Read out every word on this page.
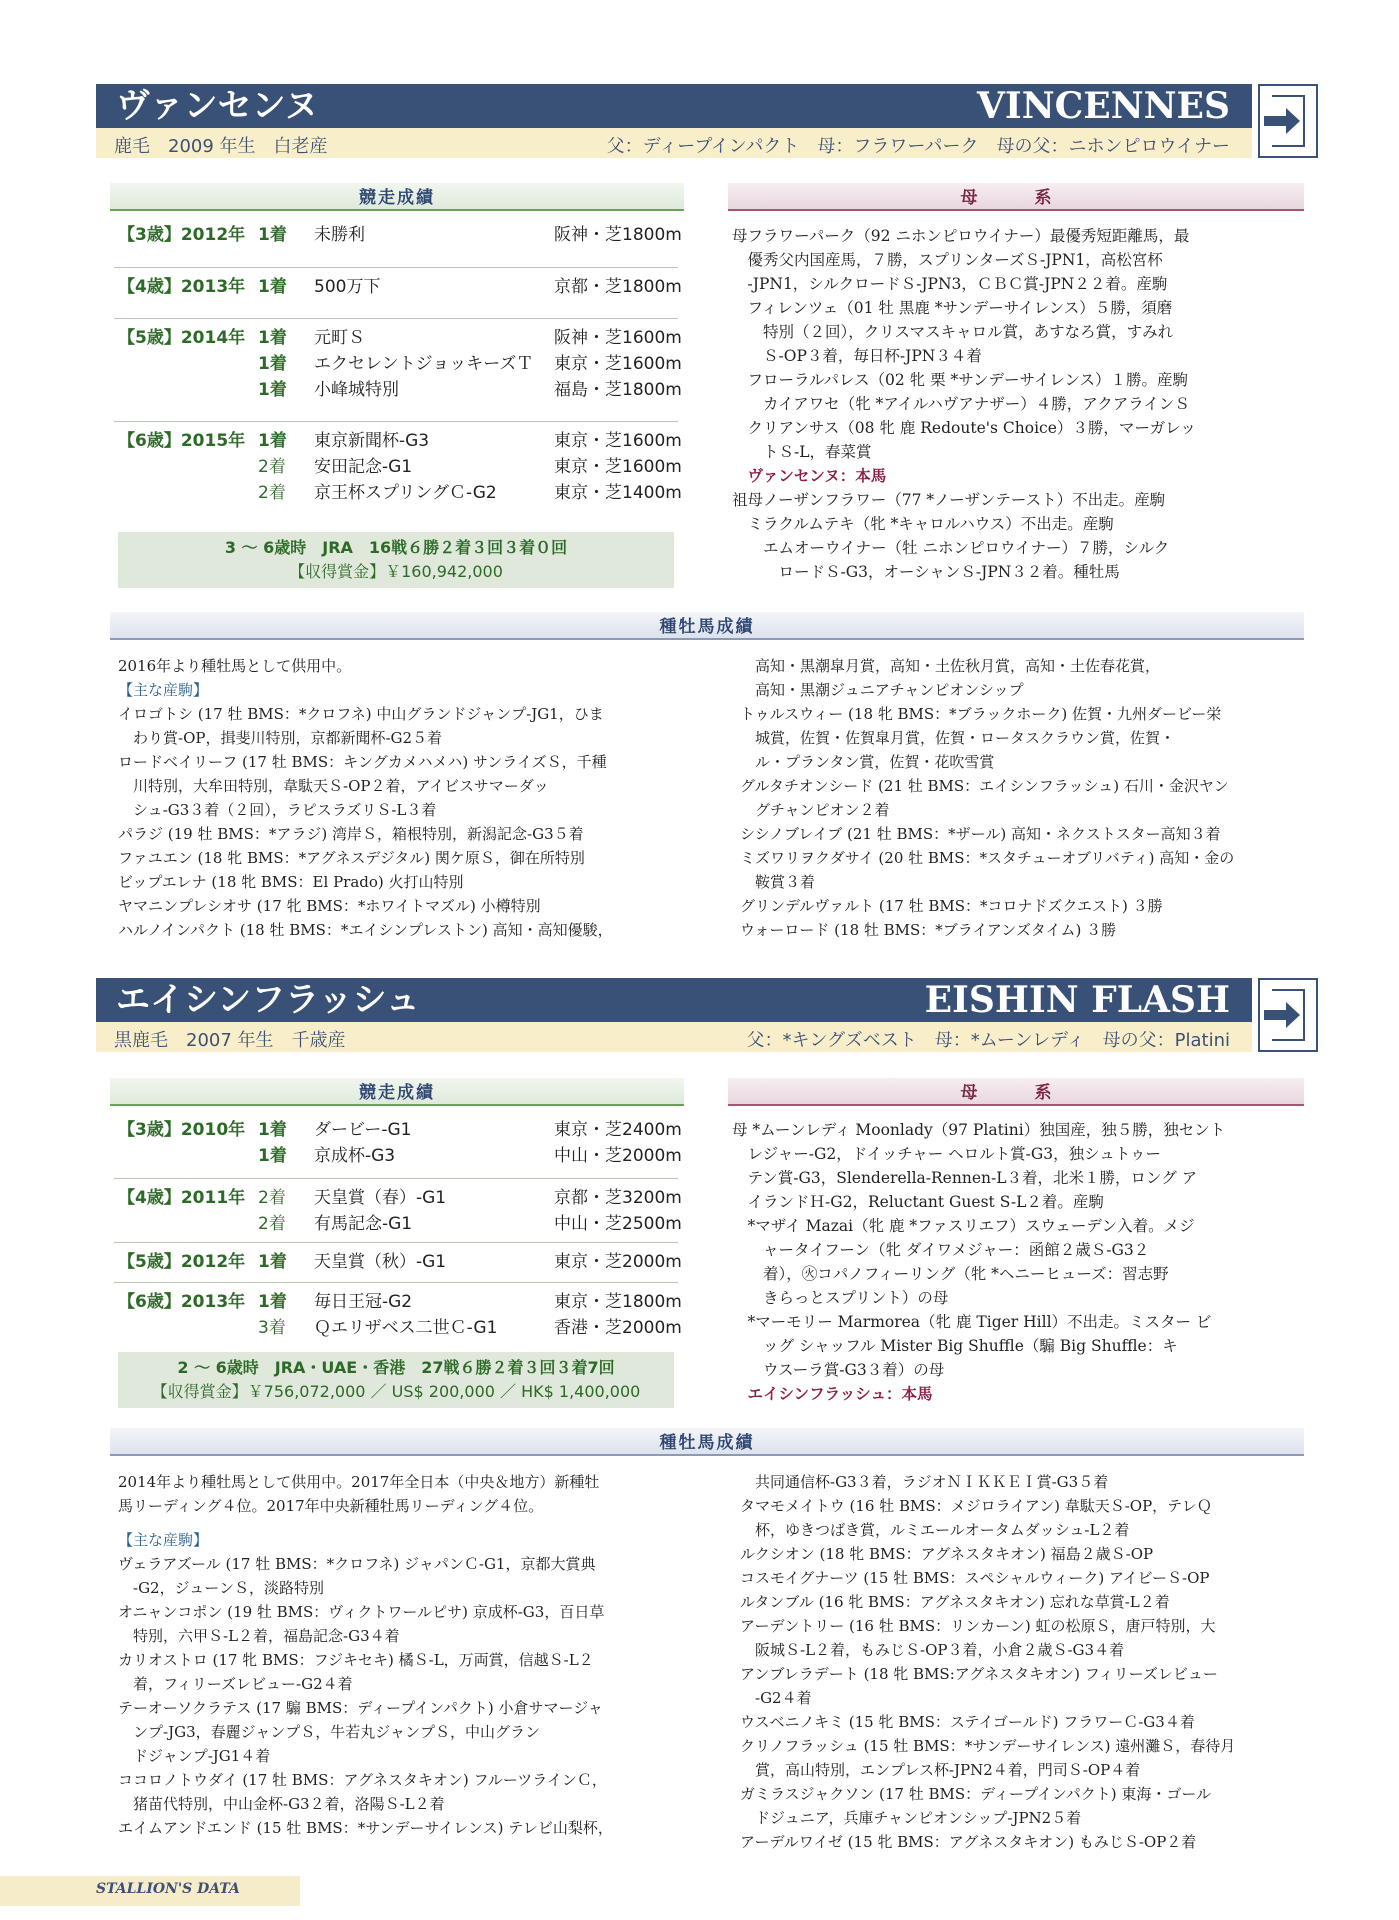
ヴァンセンヌ	VINCENNES
鹿毛　2009 年生　白老産	父：ディープインパクト　母：フラワーパーク　母の父：ニホンピロウイナー
競走成績	母　系
【3歳】2012年 1着 未勝利	阪神・芝1800m
【4歳】2013年 1着 500万下	京都・芝1800m
【5歳】2014年 1着 元町Ｓ	阪神・芝1600m
1着 エクセレントジョッキーズＴ 東京・芝1600m
1着 小峰城特別	福島・芝1800m
【6歳】2015年 1着 東京新聞杯-G3	東京・芝1600m
2着 安田記念-G1	東京・芝1600m
2着 京王杯スプリングＣ-G2	東京・芝1400m
3 ～ 6歳時　JRA　16戦６勝２着３回３着０回
【収得賞金】￥160,942,000

母フラワーパーク（92 ニホンピロウイナー）最優秀短距離馬，最

　優秀父内国産馬，７勝，スプリンターズＳ-JPN1，高松宮杯

　-JPN1，シルクロードＳ-JPN3，ＣＢＣ賞-JPN２２着。産駒

　フィレンツェ（01 牡 黒鹿 *サンデーサイレンス）５勝，須磨

　　特別（２回），クリスマスキャロル賞，あすなろ賞，すみれ

　　Ｓ-OP３着，毎日杯-JPN３４着

　フローラルパレス（02 牝 栗 *サンデーサイレンス）１勝。産駒

　　カイアワセ（牝 *アイルハヴアナザー）４勝，アクアラインＳ

　クリアンサス（08 牝 鹿 Redoute's Choice）３勝，マーガレッ

　　トＳ-L，春菜賞

　ヴァンセンヌ：本馬

祖母ノーザンフラワー（77 *ノーザンテースト）不出走。産駒

　ミラクルムテキ（牝 *キャロルハウス）不出走。産駒

　　エムオーウイナー（牡 ニホンピロウイナー）７勝，シルク

　　　ロードＳ-G3，オーシャンＳ-JPN３２着。種牡馬

種牡馬成績

2016年より種牡馬として供用中。

【主な産駒】

イロゴトシ (17 牡 BMS：*クロフネ) 中山グランドジャンプ-JG1，ひま

　わり賞-OP，揖斐川特別，京都新聞杯-G2５着

ロードベイリーフ (17 牡 BMS：キングカメハメハ) サンライズＳ，千種

　川特別，大牟田特別，韋駄天Ｓ-OP２着，アイビスサマーダッ

　シュ-G3３着（２回），ラピスラズリＳ-L３着

パラジ (19 牡 BMS：*アラジ) 湾岸Ｓ，箱根特別，新潟記念-G3５着

ファユエン (18 牝 BMS：*アグネスデジタル) 関ケ原Ｓ，御在所特別

ビップエレナ (18 牝 BMS：El Prado) 火打山特別

ヤマニンプレシオサ (17 牝 BMS：*ホワイトマズル) 小樽特別

ハルノインパクト (18 牡 BMS：*エイシンプレストン) 高知・高知優駿，

　高知・黒潮皐月賞，高知・土佐秋月賞，高知・土佐春花賞，

　高知・黒潮ジュニアチャンピオンシップ

トゥルスウィー (18 牝 BMS：*ブラックホーク) 佐賀・九州ダービー栄

　城賞，佐賀・佐賀皐月賞，佐賀・ロータスクラウン賞，佐賀・

　ル・プランタン賞，佐賀・花吹雪賞

グルタチオンシード (21 牡 BMS：エイシンフラッシュ) 石川・金沢ヤン

　グチャンピオン２着

シシノブレイブ (21 牡 BMS：*ザール) 高知・ネクストスター高知３着

ミズワリヲクダサイ (20 牡 BMS：*スタチューオブリバティ) 高知・金の

　鞍賞３着

グリンデルヴァルト (17 牡 BMS：*コロナドズクエスト) ３勝

ウォーロード (18 牡 BMS：*ブライアンズタイム) ３勝

エイシンフラッシュ	EISHIN FLASH
黒鹿毛　2007 年生　千歳産	父：*キングズベスト　母：*ムーンレディ　母の父：Platini
競走成績	母　系
【3歳】2010年 1着 ダービー-G1	東京・芝2400m
1着 京成杯-G3	中山・芝2000m
【4歳】2011年 2着 天皇賞（春）-G1	京都・芝3200m
2着 有馬記念-G1	中山・芝2500m
【5歳】2012年 1着 天皇賞（秋）-G1	東京・芝2000m
【6歳】2013年 1着 毎日王冠-G2	東京・芝1800m
3着 Ｑエリザベス二世Ｃ-G1	香港・芝2000m
2 ～ 6歳時　JRA・UAE・香港　27戦６勝２着３回３着7回
【収得賞金】￥756,072,000 ／ US$ 200,000 ／ HK$ 1,400,000

母 *ムーンレディ Moonlady（97 Platini）独国産，独５勝，独セント

　レジャー-G2，ドイッチャー ヘロルト賞-G3，独シュトゥー

　テン賞-G3，Slenderella-Rennen-L３着，北米１勝，ロング ア

　イランドＨ-G2，Reluctant Guest S-L２着。産駒

　*マザイ Mazai（牝 鹿 *ファスリエフ）スウェーデン入着。メジ

　　ャータイフーン（牝 ダイワメジャー：函館２歳Ｓ-G3２

　　着），㊋コパノフィーリング（牝 *ヘニーヒューズ：習志野

　　きらっとスプリント）の母

　*マーモリー Marmorea（牝 鹿 Tiger Hill）不出走。ミスター ビ

　　ッグ シャッフル Mister Big Shuffle（騸 Big Shuffle：キ

　　ウスーラ賞-G3３着）の母

　エイシンフラッシュ：本馬

種牡馬成績

2014年より種牡馬として供用中。2017年全日本（中央＆地方）新種牡

馬リーディング４位。2017年中央新種牡馬リーディング４位。

【主な産駒】

ヴェラアズール (17 牡 BMS：*クロフネ) ジャパンＣ-G1，京都大賞典

　-G2，ジューンＳ，淡路特別

オニャンコポン (19 牡 BMS：ヴィクトワールピサ) 京成杯-G3，百日草

　特別，六甲Ｓ-L２着，福島記念-G3４着

カリオストロ (17 牝 BMS：フジキセキ) 橘Ｓ-L，万両賞，信越Ｓ-L２

　着，フィリーズレビュー-G2４着

テーオーソクラテス (17 騸 BMS：ディープインパクト) 小倉サマージャ

　ンプ-JG3，春麗ジャンプＳ，牛若丸ジャンプＳ，中山グラン

　ドジャンプ-JG1４着

ココロノトウダイ (17 牡 BMS：アグネスタキオン) フルーツラインＣ，

　猪苗代特別，中山金杯-G3２着，洛陽Ｓ-L２着

エイムアンドエンド (15 牡 BMS：*サンデーサイレンス) テレビ山梨杯，

　共同通信杯-G3３着，ラジオＮＩＫＫＥＩ賞-G3５着

タマモメイトウ (16 牡 BMS：メジロライアン) 韋駄天Ｓ-OP，テレＱ

　杯，ゆきつばき賞，ルミエールオータムダッシュ-L２着

ルクシオン (18 牝 BMS：アグネスタキオン) 福島２歳Ｓ-OP

コスモイグナーツ (15 牡 BMS：スペシャルウィーク) アイビーＳ-OP

ルタンブル (16 牝 BMS：アグネスタキオン) 忘れな草賞-L２着

アーデントリー (16 牡 BMS：リンカーン) 虹の松原Ｓ，唐戸特別，大

　阪城Ｓ-L２着，もみじＳ-OP３着，小倉２歳Ｓ-G3４着

アンブレラデート (18 牝 BMS:アグネスタキオン) フィリーズレビュー

　-G2４着

ウスベニノキミ (15 牝 BMS：ステイゴールド) フラワーＣ-G3４着

クリノフラッシュ (15 牡 BMS：*サンデーサイレンス) 遠州灘Ｓ，春待月

　賞，高山特別，エンプレス杯-JPN2４着，門司Ｓ-OP４着

ガミラスジャクソン (17 牡 BMS：ディープインパクト) 東海・ゴール

　ドジュニア，兵庫チャンピオンシップ-JPN2５着

アーデルワイゼ (15 牝 BMS：アグネスタキオン) もみじＳ-OP２着

STALLION'S DATA
